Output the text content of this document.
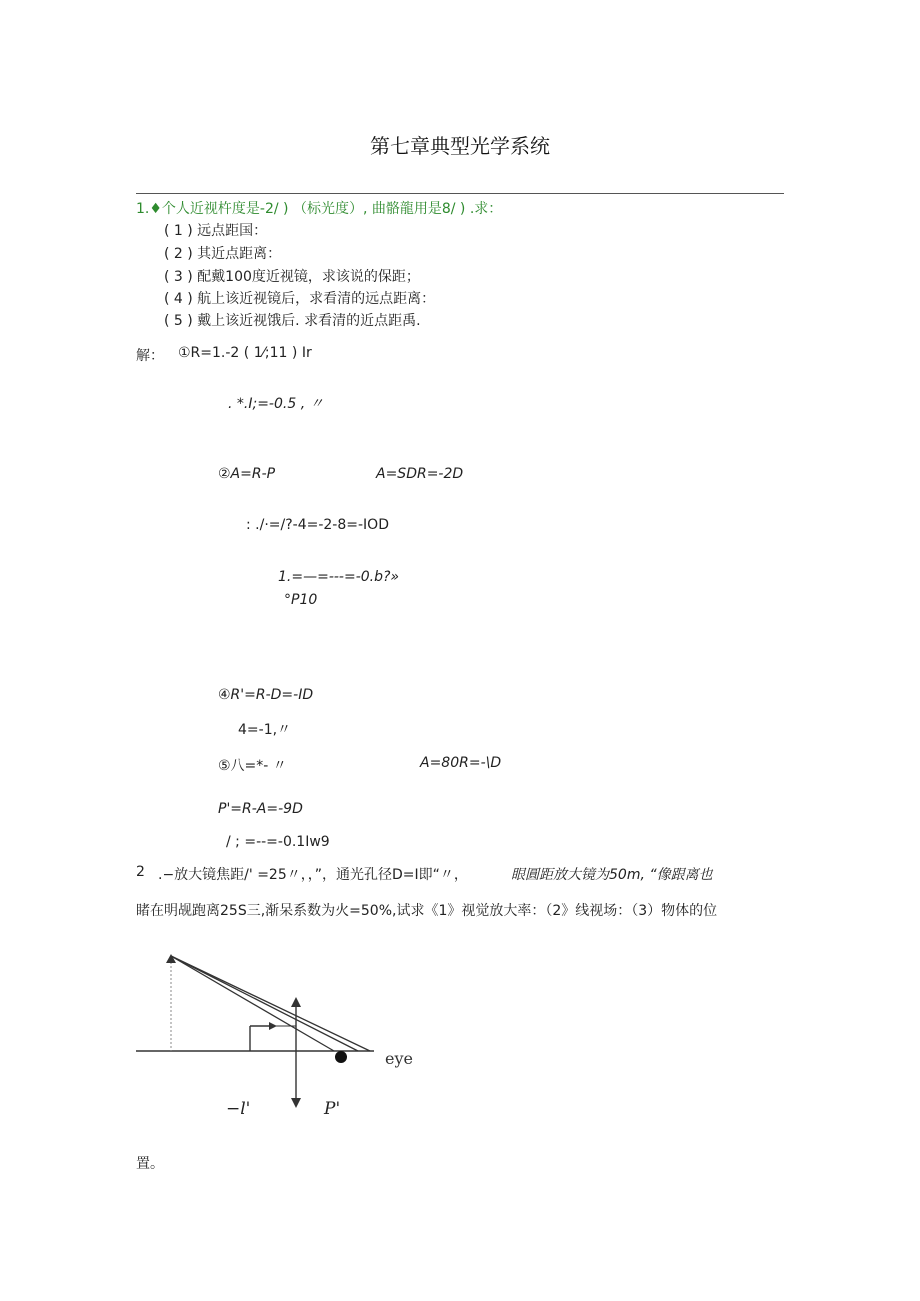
第七章典型光学系统
1.♦个人近视杵度是-2/ ) （标光度）, 曲骼龍用是8/ ) .求：
( 1 ) 远点距国：
( 2 ) 其近点距离：
( 3 ) 配戴100度近视镜，求该说的保距；
( 4 ) 航上该近视镜后，求看清的远点距离：
( 5 ) 戴上该近视饿后. 求看清的近点距禹.
解： ①R=1.-2 ( 1⁄;11 ) Ir
. *.I;=-0.5 , 〃
②A=R-P	A=SDR=-2D
: ./·=/?-4=-2-8=-IOD
1.=—=---=-0.b?»
°P10
④R'=R-D=-ID
4=-1,〃
⑤八=*- 〃	A=80R=-\D
P'=R-A=-9D
/ ; =--=-0.1Iw9
2 .−放大镜焦距/' =25〃，，”，通光孔径D=I即“〃，	眼圓距放大镜为50m, “像跟离也
睹在明觇跑离25S三,渐呆系数为火=50%,试求《1》视觉放大率：（2》线视场：（3）物体的位
eye
−l'	P'
置。
